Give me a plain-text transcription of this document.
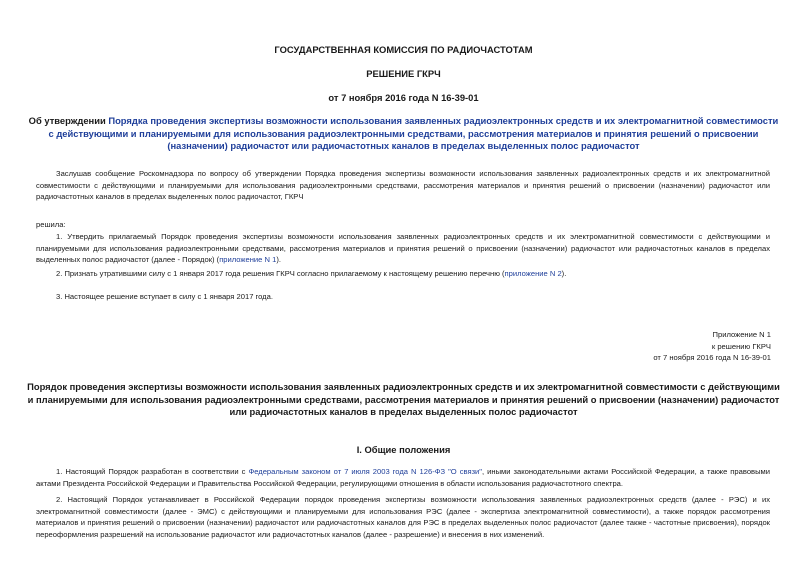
ГОСУДАРСТВЕННАЯ КОМИССИЯ ПО РАДИОЧАСТОТАМ
РЕШЕНИЕ ГКРЧ
от 7 ноября 2016 года N 16-39-01
Об утверждении Порядка проведения экспертизы возможности использования заявленных радиоэлектронных средств и их электромагнитной совместимости с действующими и планируемыми для использования радиоэлектронными средствами, рассмотрения материалов и принятия решений о присвоении (назначении) радиочастот или радиочастотных каналов в пределах выделенных полос радиочастот
Заслушав сообщение Роскомнадзора по вопросу об утверждении Порядка проведения экспертизы возможности использования заявленных радиоэлектронных средств и их электромагнитной совместимости с действующими и планируемыми для использования радиоэлектронными средствами, рассмотрения материалов и принятия решений о присвоении (назначении) радиочастот или радиочастотных каналов в пределах выделенных полос радиочастот, ГКРЧ
решила:
1. Утвердить прилагаемый Порядок проведения экспертизы возможности использования заявленных радиоэлектронных средств и их электромагнитной совместимости с действующими и планируемыми для использования радиоэлектронными средствами, рассмотрения материалов и принятия решений о присвоении (назначении) радиочастот или радиочастотных каналов в пределах выделенных полос радиочастот (далее - Порядок) (приложение N 1).
2. Признать утратившими силу с 1 января 2017 года решения ГКРЧ согласно прилагаемому к настоящему решению перечню (приложение N 2).
3. Настоящее решение вступает в силу с 1 января 2017 года.
Приложение N 1
к решению ГКРЧ
от 7 ноября 2016 года N 16-39-01
Порядок проведения экспертизы возможности использования заявленных радиоэлектронных средств и их электромагнитной совместимости с действующими и планируемыми для использования радиоэлектронными средствами, рассмотрения материалов и принятия решений о присвоении (назначении) радиочастот или радиочастотных каналов в пределах выделенных полос радиочастот
I. Общие положения
1. Настоящий Порядок разработан в соответствии с Федеральным законом от 7 июля 2003 года N 126-ФЗ "О связи", иными законодательными актами Российской Федерации, а также правовыми актами Президента Российской Федерации и Правительства Российской Федерации, регулирующими отношения в области использования радиочастотного спектра.
2. Настоящий Порядок устанавливает в Российской Федерации порядок проведения экспертизы возможности использования заявленных радиоэлектронных средств (далее - РЭС) и их электромагнитной совместимости (далее - ЭМС) с действующими и планируемыми для использования РЭС (далее - экспертиза электромагнитной совместимости), а также порядок рассмотрения материалов и принятия решений о присвоении (назначении) радиочастот или радиочастотных каналов для РЭС в пределах выделенных полос радиочастот (далее также - частотные присвоения), порядок переоформления разрешений на использование радиочастот или радиочастотных каналов (далее - разрешение) и внесения в них изменений.
